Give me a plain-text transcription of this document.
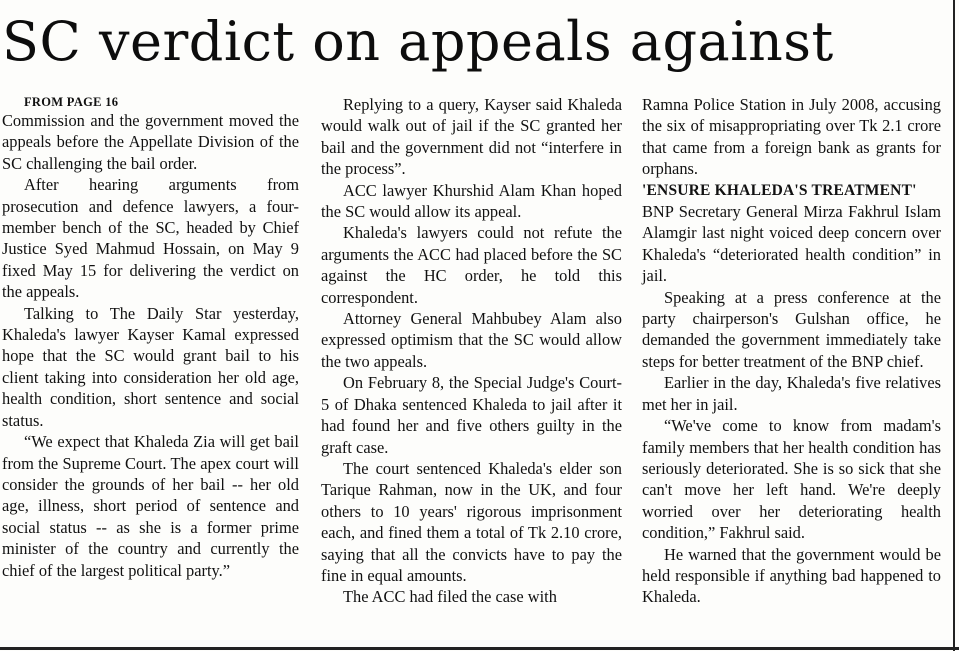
SC verdict on appeals against

FROM PAGE 16

Commission and the government moved the appeals before the Appellate Division of the SC challenging the bail order.

After hearing arguments from prosecution and defence lawyers, a four-member bench of the SC, headed by Chief Justice Syed Mahmud Hossain, on May 9 fixed May 15 for delivering the verdict on the appeals.

Talking to The Daily Star yesterday, Khaleda's lawyer Kayser Kamal expressed hope that the SC would grant bail to his client taking into consideration her old age, health condition, short sentence and social status.

“We expect that Khaleda Zia will get bail from the Supreme Court. The apex court will consider the grounds of her bail -- her old age, illness, short period of sentence and social status -- as she is a former prime minister of the country and currently the chief of the largest political party.”

Replying to a query, Kayser said Khaleda would walk out of jail if the SC granted her bail and the government did not “interfere in the process”.

ACC lawyer Khurshid Alam Khan hoped the SC would allow its appeal.

Khaleda's lawyers could not refute the arguments the ACC had placed before the SC against the HC order, he told this correspondent.

Attorney General Mahbubey Alam also expressed optimism that the SC would allow the two appeals.

On February 8, the Special Judge's Court-5 of Dhaka sentenced Khaleda to jail after it had found her and five others guilty in the graft case.

The court sentenced Khaleda's elder son Tarique Rahman, now in the UK, and four others to 10 years' rigorous imprisonment each, and fined them a total of Tk 2.10 crore, saying that all the convicts have to pay the fine in equal amounts.

The ACC had filed the case with

Ramna Police Station in July 2008, accusing the six of misappropriating over Tk 2.1 crore that came from a foreign bank as grants for orphans.

'ENSURE KHALEDA'S TREATMENT'

BNP Secretary General Mirza Fakhrul Islam Alamgir last night voiced deep concern over Khaleda's “deteriorated health condition” in jail.

Speaking at a press conference at the party chairperson's Gulshan office, he demanded the government immediately take steps for better treatment of the BNP chief.

Earlier in the day, Khaleda's five relatives met her in jail.

“We've come to know from madam's family members that her health condition has seriously deteriorated. She is so sick that she can't move her left hand. We're deeply worried over her deteriorating health condition,” Fakhrul said.

He warned that the government would be held responsible if anything bad happened to Khaleda.
